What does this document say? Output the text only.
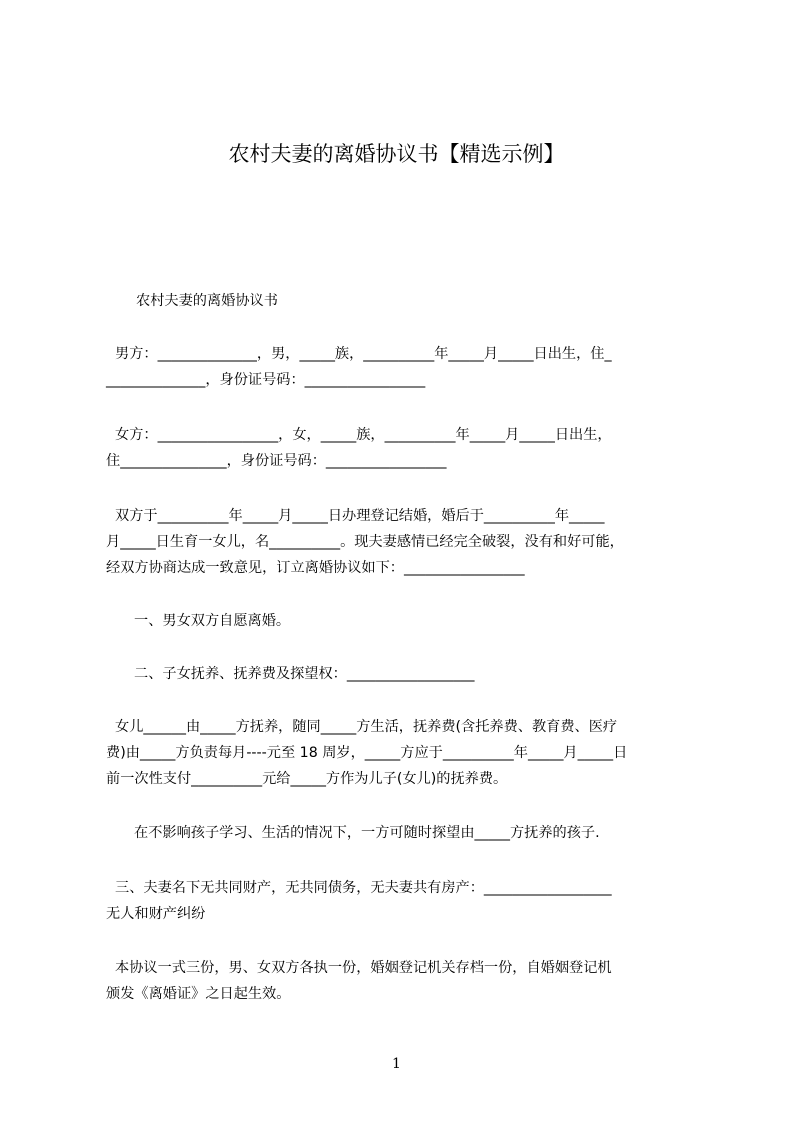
农村夫妻的离婚协议书【精选示例】

农村夫妻的离婚协议书

男方：______________，男，_____族，__________年_____月_____日出生，住_
______________，身份证号码：_________________

女方：_________________，女，_____族，__________年_____月_____日出生，
住_______________，身份证号码：_________________

双方于__________年_____月_____日办理登记结婚，婚后于__________年_____
月_____日生育一女儿，名__________。现夫妻感情已经完全破裂，没有和好可能，
经双方协商达成一致意见，订立离婚协议如下：_________________

一、男女双方自愿离婚。

二、子女抚养、抚养费及探望权：__________________

女儿______由_____方抚养，随同_____方生活，抚养费(含托养费、教育费、医疗
费)由_____方负责每月----元至 18 周岁，_____方应于__________年_____月_____日
前一次性支付__________元给_____方作为儿子(女儿)的抚养费。

在不影响孩子学习、生活的情况下，一方可随时探望由_____方抚养的孩子.

三、夫妻名下无共同财产，无共同债务，无夫妻共有房产：__________________
无人和财产纠纷

本协议一式三份，男、女双方各执一份，婚姻登记机关存档一份，自婚姻登记机
颁发《离婚证》之日起生效。

1
